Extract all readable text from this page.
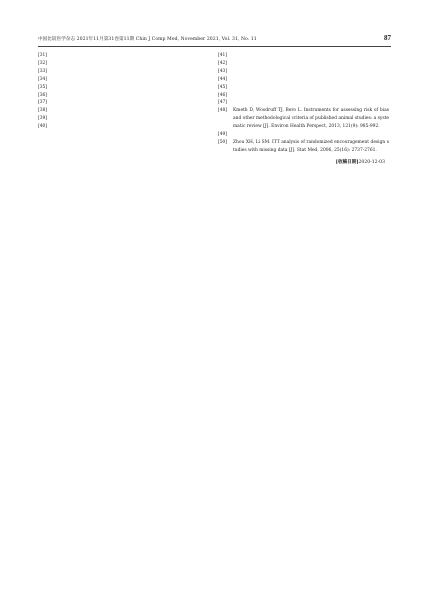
中国比较医学杂志 2021年11月第31卷第11期 Chin J Comp Med, November 2021, Vol. 31, No. 11	87
[31]
[32]
[33]
[34]
[35]
[36]
[37]
[38]
[39]
[40]
[41]
[42]
[43]
[44]
[45]
[46]
[47]
[48]	Kmeth D, Woodruff TJ, Bero L. Instruments for assessing risk of bias and other methodological criteria of published animal studies: a systematic review [J]. Environ Health Perspect, 2013, 121(9): 985-992.
[49]
[50]	Zhou XH, Li SM. ITT analysis of randomized encouragement design studies with missing data [J]. Stat Med, 2006, 25(16): 2737-2761.
[收稿日期]2020-12-03
